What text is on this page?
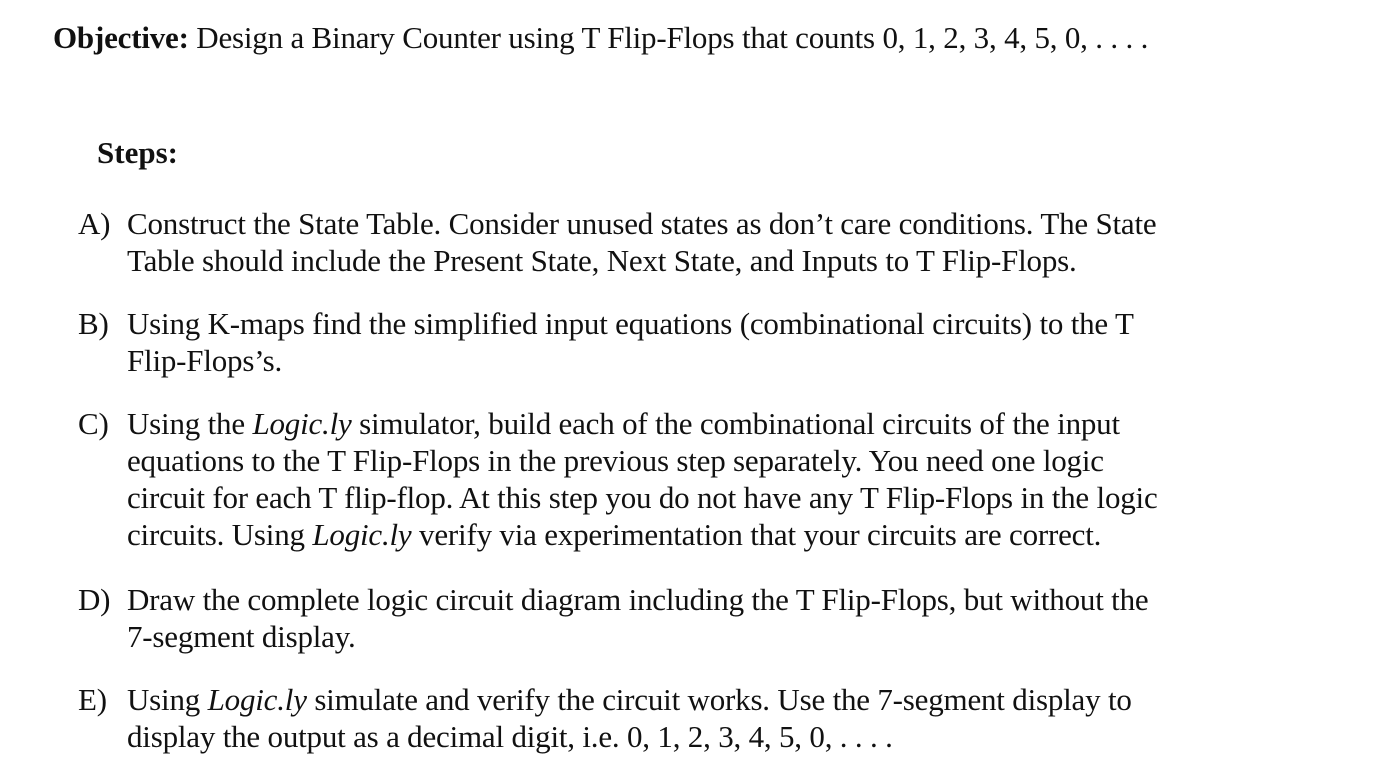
Objective: Design a Binary Counter using T Flip-Flops that counts 0, 1, 2, 3, 4, 5, 0, . . . .
Steps:
A) Construct the State Table. Consider unused states as don’t care conditions. The State
Table should include the Present State, Next State, and Inputs to T Flip-Flops.
B) Using K-maps find the simplified input equations (combinational circuits) to the T
Flip-Flops’s.
C) Using the Logic.ly simulator, build each of the combinational circuits of the input
equations to the T Flip-Flops in the previous step separately. You need one logic
circuit for each T flip-flop. At this step you do not have any T Flip-Flops in the logic
circuits. Using Logic.ly verify via experimentation that your circuits are correct.
D) Draw the complete logic circuit diagram including the T Flip-Flops, but without the
7-segment display.
E) Using Logic.ly simulate and verify the circuit works. Use the 7-segment display to
display the output as a decimal digit, i.e. 0, 1, 2, 3, 4, 5, 0, . . . .
